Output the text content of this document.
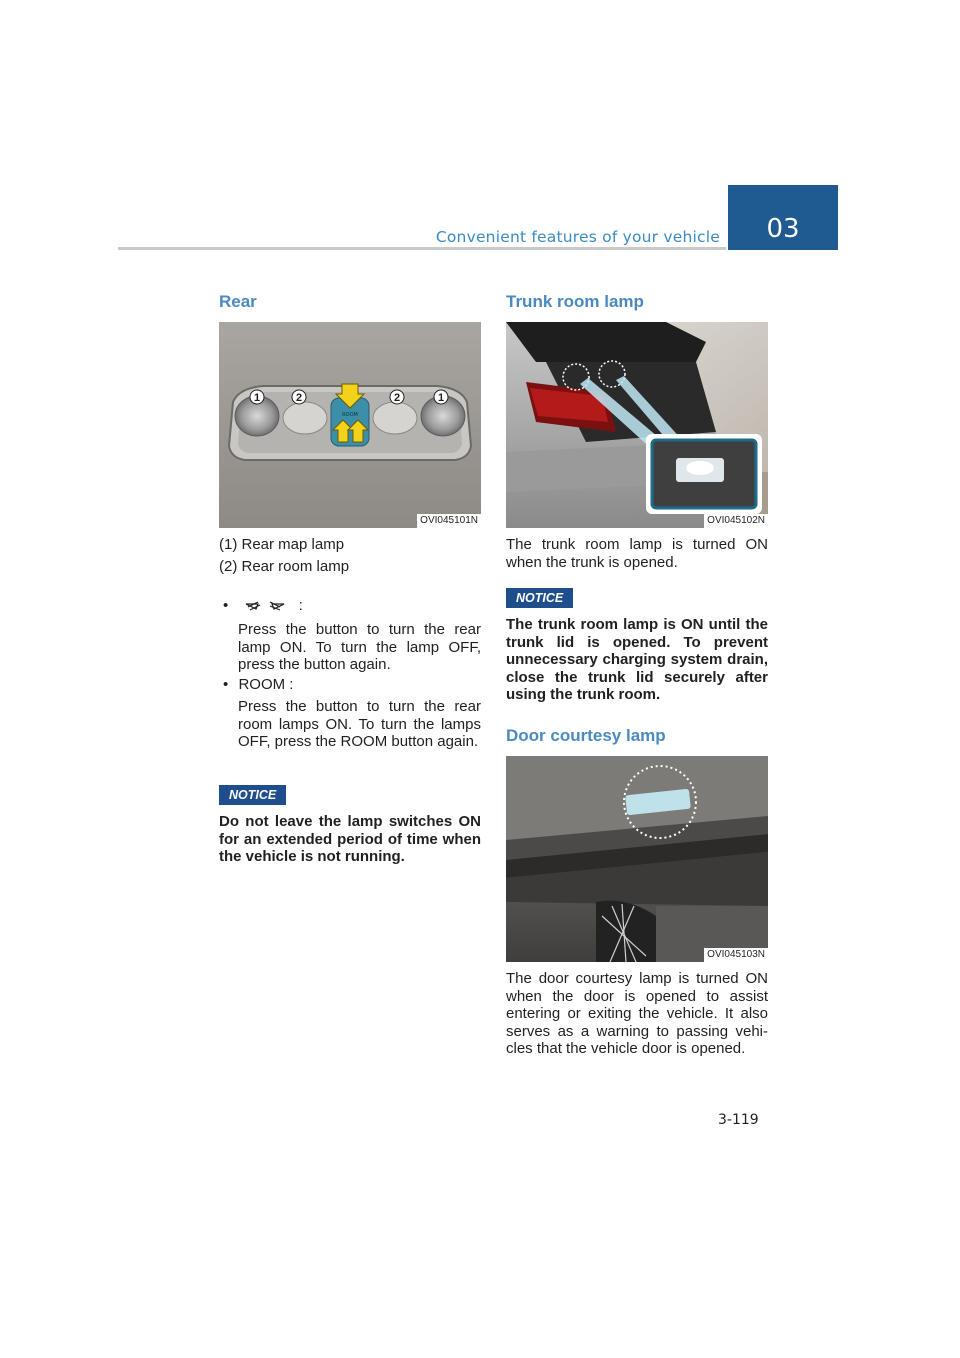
Convenient features of your vehicle	03
Rear
ROOM
1	2	2	1
OVI045101N
(1) Rear map lamp
(2) Rear room lamp
•	:
Press the button to turn the rear lamp ON. To turn the lamp OFF, press the button again.
• ROOM :
Press the button to turn the rear room lamps ON. To turn the lamps OFF, press the ROOM button again.
NOTICE
Do not leave the lamp switches ON for an extended period of time when the vehicle is not running.
Trunk room lamp
OVI045102N
The trunk room lamp is turned ON when the trunk is opened.
NOTICE
The trunk room lamp is ON until the trunk lid is opened. To prevent unnecessary charging system drain, close the trunk lid securely after using the trunk room.
Door courtesy lamp
OVI045103N
The door courtesy lamp is turned ON when the door is opened to assist entering or exiting the vehicle. It also serves as a warning to passing vehi-cles that the vehicle door is opened.
3-119
